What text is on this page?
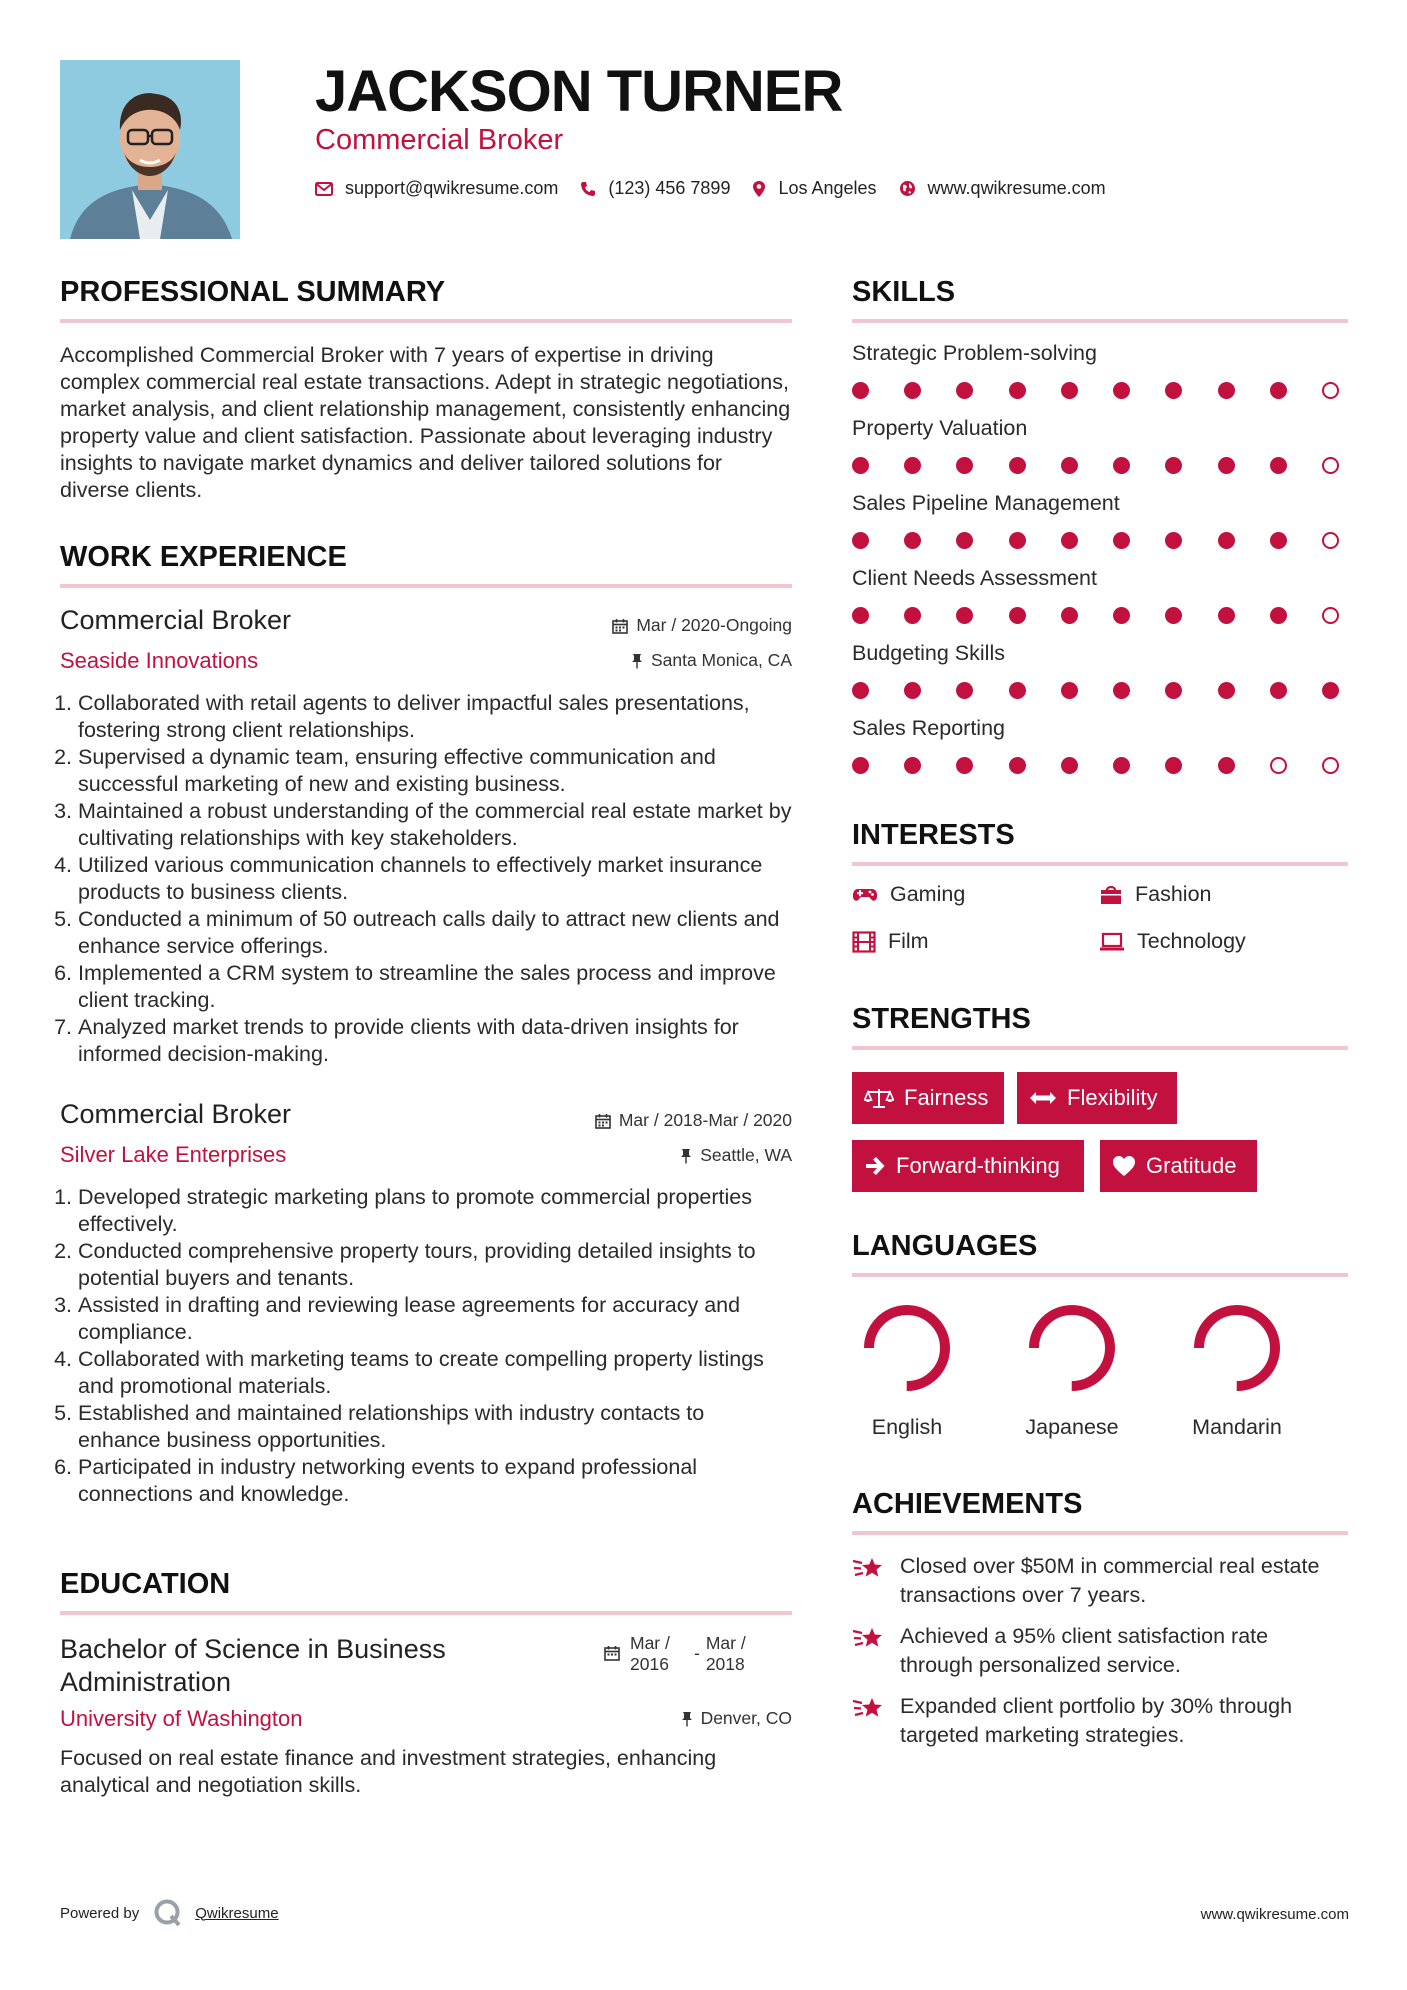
JACKSON TURNER
Commercial Broker
support@qwikresume.com	(123) 456 7899	Los Angeles	www.qwikresume.com
PROFESSIONAL SUMMARY
Accomplished Commercial Broker with 7 years of expertise in driving complex commercial real estate transactions. Adept in strategic negotiations, market analysis, and client relationship management, consistently enhancing property value and client satisfaction. Passionate about leveraging industry insights to navigate market dynamics and deliver tailored solutions for diverse clients.
WORK EXPERIENCE
Commercial Broker	Mar / 2020-Ongoing
Seaside Innovations	Santa Monica, CA
1. Collaborated with retail agents to deliver impactful sales presentations, fostering strong client relationships.
2. Supervised a dynamic team, ensuring effective communication and successful marketing of new and existing business.
3. Maintained a robust understanding of the commercial real estate market by cultivating relationships with key stakeholders.
4. Utilized various communication channels to effectively market insurance products to business clients.
5. Conducted a minimum of 50 outreach calls daily to attract new clients and enhance service offerings.
6. Implemented a CRM system to streamline the sales process and improve client tracking.
7. Analyzed market trends to provide clients with data-driven insights for informed decision-making.
Commercial Broker	Mar / 2018-Mar / 2020
Silver Lake Enterprises	Seattle, WA
1. Developed strategic marketing plans to promote commercial properties effectively.
2. Conducted comprehensive property tours, providing detailed insights to potential buyers and tenants.
3. Assisted in drafting and reviewing lease agreements for accuracy and compliance.
4. Collaborated with marketing teams to create compelling property listings and promotional materials.
5. Established and maintained relationships with industry contacts to enhance business opportunities.
6. Participated in industry networking events to expand professional connections and knowledge.
EDUCATION
Bachelor of Science in Business Administration
Mar / 2016
- Mar / 2018
University of Washington	Denver, CO
Focused on real estate finance and investment strategies, enhancing analytical and negotiation skills.
SKILLS
Strategic Problem-solving
Property Valuation
Sales Pipeline Management
Client Needs Assessment
Budgeting Skills
Sales Reporting
INTERESTS
Gaming	Fashion
Film	Technology
STRENGTHS
Fairness	Flexibility
Forward-thinking	Gratitude
LANGUAGES
English	Japanese	Mandarin
ACHIEVEMENTS
Closed over $50M in commercial real estate transactions over 7 years.
Achieved a 95% client satisfaction rate through personalized service.
Expanded client portfolio by 30% through targeted marketing strategies.
Powered by	Qwikresume	www.qwikresume.com
